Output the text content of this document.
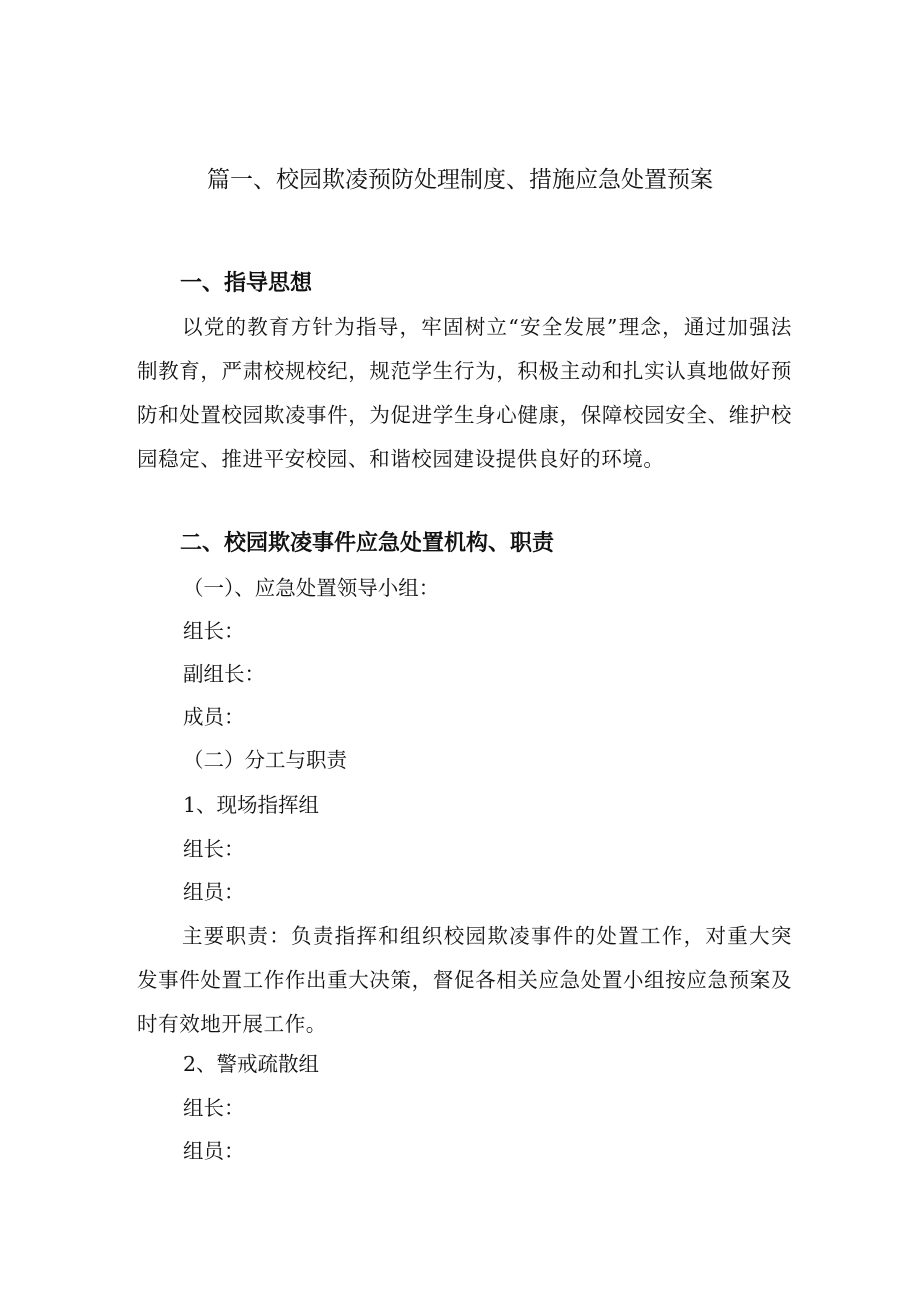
篇一、校园欺凌预防处理制度、措施应急处置预案
一、指导思想

以党的教育方针为指导，牢固树立“安全发展”理念，通过加强法制教育，严肃校规校纪，规范学生行为，积极主动和扎实认真地做好预防和处置校园欺凌事件，为促进学生身心健康，保障校园安全、维护校园稳定、推进平安校园、和谐校园建设提供良好的环境。

二、校园欺凌事件应急处置机构、职责

（一）、应急处置领导小组：

组长：

副组长：

成员：

（二）分工与职责

1、现场指挥组

组长：

组员：

主要职责：负责指挥和组织校园欺凌事件的处置工作，对重大突发事件处置工作作出重大决策，督促各相关应急处置小组按应急预案及时有效地开展工作。

2、警戒疏散组

组长：

组员：
